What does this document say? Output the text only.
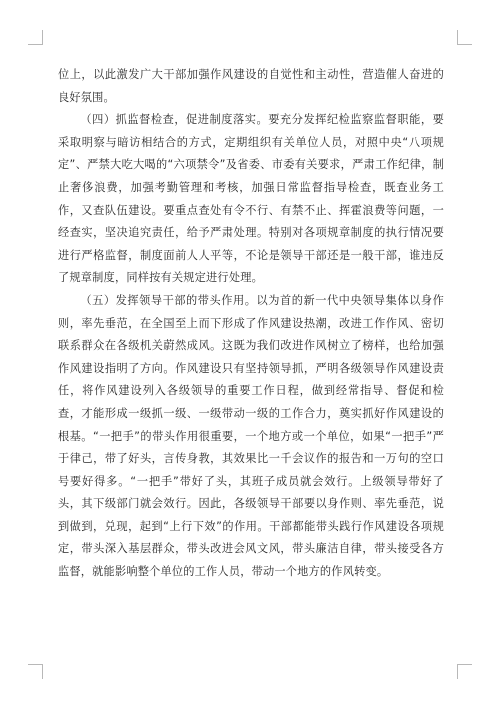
位上，以此激发广大干部加强作风建设的自觉性和主动性，营造催人奋进的良好氛围。

（四）抓监督检查，促进制度落实。要充分发挥纪检监察监督职能，要采取明察与暗访相结合的方式，定期组织有关单位人员，对照中央“八项规定”、严禁大吃大喝的“六项禁令”及省委、市委有关要求，严肃工作纪律，制止奢侈浪费，加强考勤管理和考核，加强日常监督指导检查，既查业务工作，又查队伍建设。要重点查处有令不行、有禁不止、挥霍浪费等问题，一经查实，坚决追究责任，给予严肃处理。特别对各项规章制度的执行情况要进行严格监督，制度面前人人平等，不论是领导干部还是一般干部，谁违反了规章制度，同样按有关规定进行处理。

（五）发挥领导干部的带头作用。以为首的新一代中央领导集体以身作则，率先垂范，在全国至上而下形成了作风建设热潮，改进工作作风、密切联系群众在各级机关蔚然成风。这既为我们改进作风树立了榜样，也给加强作风建设指明了方向。作风建设只有坚持领导抓，严明各级领导作风建设责任，将作风建设列入各级领导的重要工作日程，做到经常指导、督促和检查，才能形成一级抓一级、一级带动一级的工作合力，奠实抓好作风建设的根基。“一把手”的带头作用很重要，一个地方或一个单位，如果“一把手”严于律己，带了好头，言传身教，其效果比一千会议作的报告和一万句的空口号要好得多。“一把手”带好了头，其班子成员就会效行。上级领导带好了头，其下级部门就会效行。因此，各级领导干部要以身作则、率先垂范，说到做到，兑现，起到“上行下效”的作用。干部都能带头践行作风建设各项规定，带头深入基层群众，带头改进会风文风，带头廉洁自律，带头接受各方监督，就能影响整个单位的工作人员，带动一个地方的作风转变。
